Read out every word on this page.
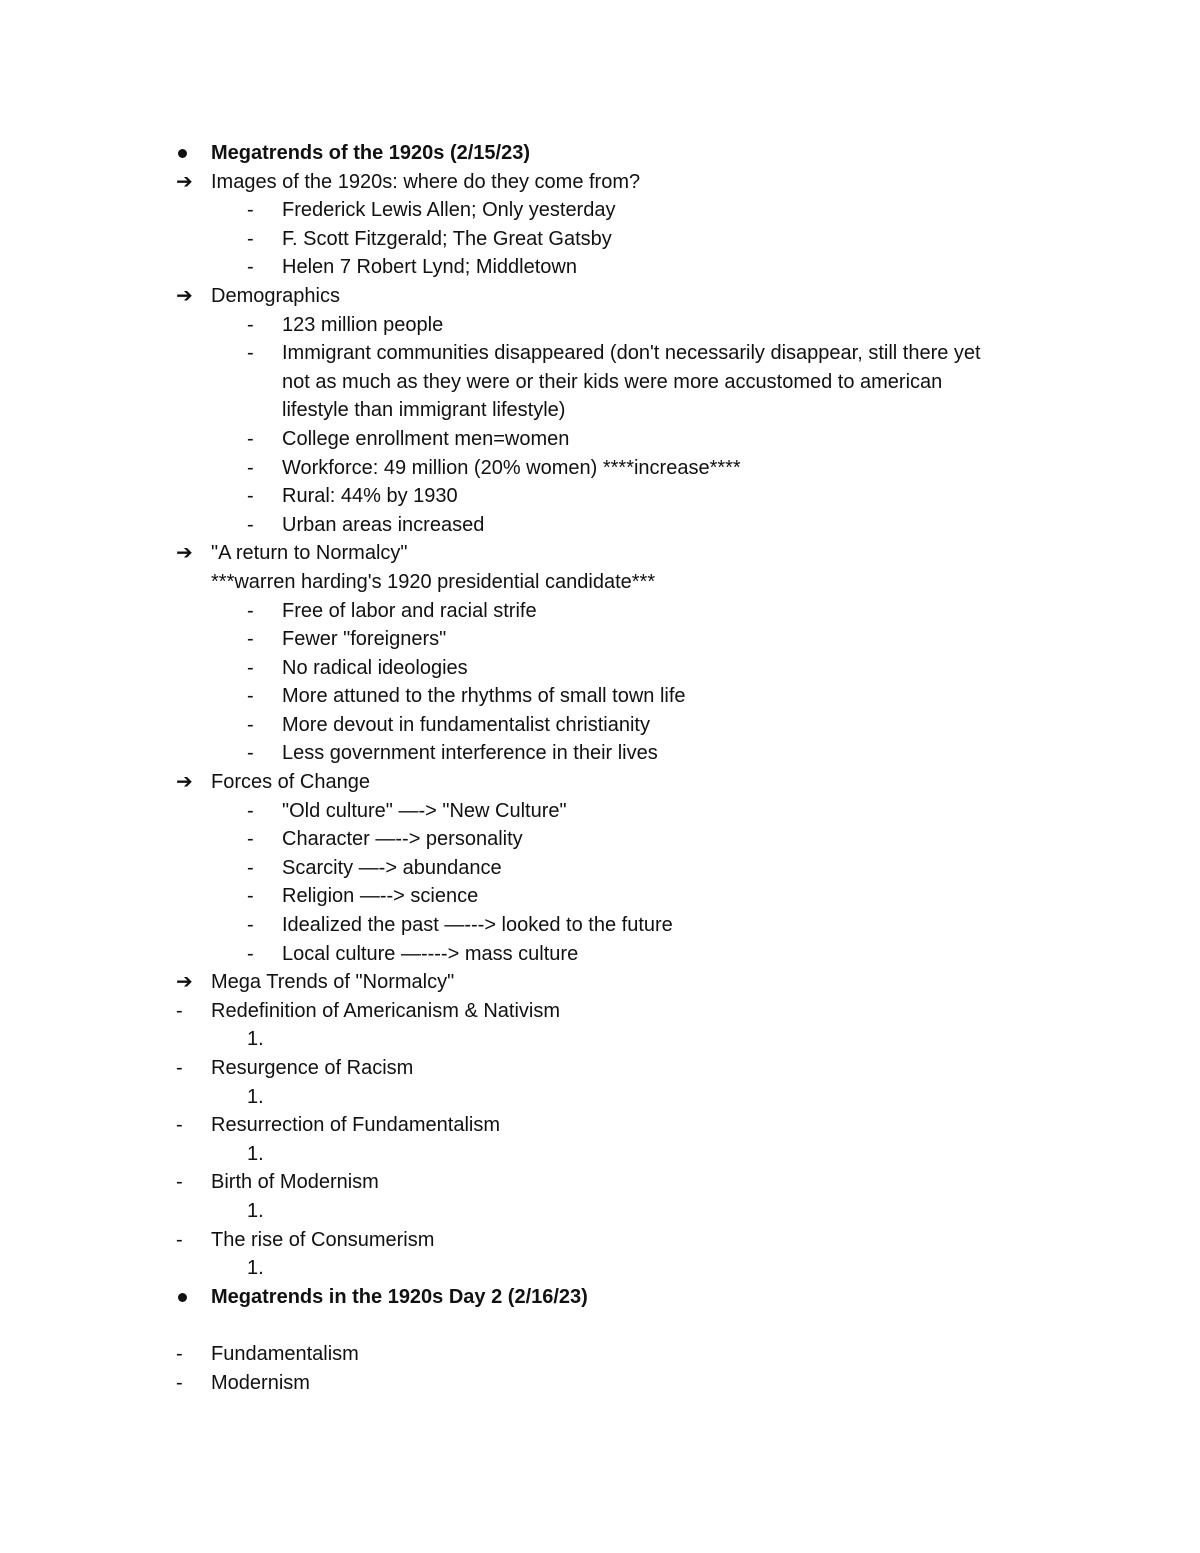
Megatrends of the 1920s (2/15/23)
➔ Images of the 1920s: where do they come from?
- Frederick Lewis Allen; Only yesterday
- F. Scott Fitzgerald; The Great Gatsby
- Helen 7 Robert Lynd; Middletown
➔ Demographics
- 123 million people
- Immigrant communities disappeared (don't necessarily disappear, still there yet
not as much as they were or their kids were more accustomed to american
lifestyle than immigrant lifestyle)
- College enrollment men=women
- Workforce: 49 million (20% women) ****increase****
- Rural: 44% by 1930
- Urban areas increased
➔ "A return to Normalcy"
***warren harding's 1920 presidential candidate***
- Free of labor and racial strife
- Fewer "foreigners"
- No radical ideologies
- More attuned to the rhythms of small town life
- More devout in fundamentalist christianity
- Less government interference in their lives
➔ Forces of Change
- "Old culture" —-> "New Culture"
- Character —--> personality
- Scarcity —-> abundance
- Religion —--> science
- Idealized the past —---> looked to the future
- Local culture —----> mass culture
➔ Mega Trends of "Normalcy"
- Redefinition of Americanism & Nativism
1.
- Resurgence of Racism
1.
- Resurrection of Fundamentalism
1.
- Birth of Modernism
1.
- The rise of Consumerism
1.
Megatrends in the 1920s Day 2 (2/16/23)
- Fundamentalism
- Modernism
